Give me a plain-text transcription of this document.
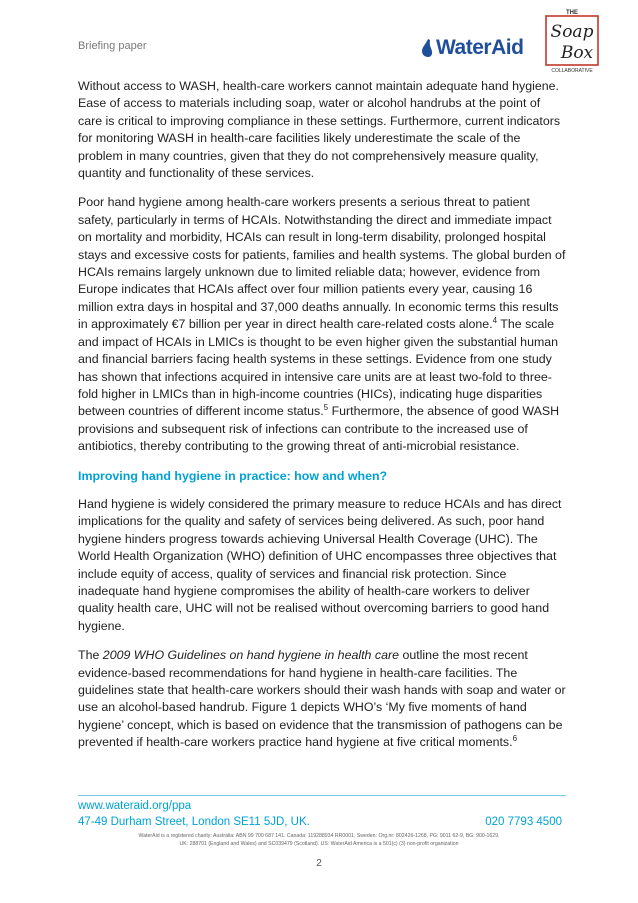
Briefing paper	WaterAid
THE
Soap
Box
COLLABORATIVE

Without access to WASH, health-care workers cannot maintain adequate hand hygiene. Ease of access to materials including soap, water or alcohol handrubs at the point of care is critical to improving compliance in these settings. Furthermore, current indicators for monitoring WASH in health-care facilities likely underestimate the scale of the problem in many countries, given that they do not comprehensively measure quality, quantity and functionality of these services.

Poor hand hygiene among health-care workers presents a serious threat to patient safety, particularly in terms of HCAIs. Notwithstanding the direct and immediate impact on mortality and morbidity, HCAIs can result in long-term disability, prolonged hospital stays and excessive costs for patients, families and health systems. The global burden of HCAIs remains largely unknown due to limited reliable data; however, evidence from Europe indicates that HCAIs affect over four million patients every year, causing 16 million extra days in hospital and 37,000 deaths annually. In economic terms this results in approximately €7 billion per year in direct health care-related costs alone.$^4$ The scale and impact of HCAIs in LMICs is thought to be even higher given the substantial human and financial barriers facing health systems in these settings. Evidence from one study has shown that infections acquired in intensive care units are at least two-fold to three-fold higher in LMICs than in high-income countries (HICs), indicating huge disparities between countries of different income status.$^5$ Furthermore, the absence of good WASH provisions and subsequent risk of infections can contribute to the increased use of antibiotics, thereby contributing to the growing threat of anti-microbial resistance.

Improving hand hygiene in practice: how and when?

Hand hygiene is widely considered the primary measure to reduce HCAIs and has direct implications for the quality and safety of services being delivered. As such, poor hand hygiene hinders progress towards achieving Universal Health Coverage (UHC). The World Health Organization (WHO) definition of UHC encompasses three objectives that include equity of access, quality of services and financial risk protection. Since inadequate hand hygiene compromises the ability of health-care workers to deliver quality health care, UHC will not be realised without overcoming barriers to good hand hygiene.

The 2009 WHO Guidelines on hand hygiene in health care outline the most recent evidence-based recommendations for hand hygiene in health-care facilities. The guidelines state that health-care workers should their wash hands with soap and water or use an alcohol-based handrub. Figure 1 depicts WHO’s ‘My five moments of hand hygiene’ concept, which is based on evidence that the transmission of pathogens can be prevented if health-care workers practice hand hygiene at five critical moments.$^6$

www.wateraid.org/ppa
47-49 Durham Street, London SE11 5JD, UK.	020 7793 4500
WaterAid is a registered charity: Australia: ABN 99 700 687 141. Canada: 119288934 RR0001. Sweden: Org.nr: 802426-1268, PG: 9011 62-9, BG: 900-1629.
UK: 288701 (England and Wales) and SC039479 (Scotland). US: WaterAid America is a 501(c) (3) non-profit organization
2
